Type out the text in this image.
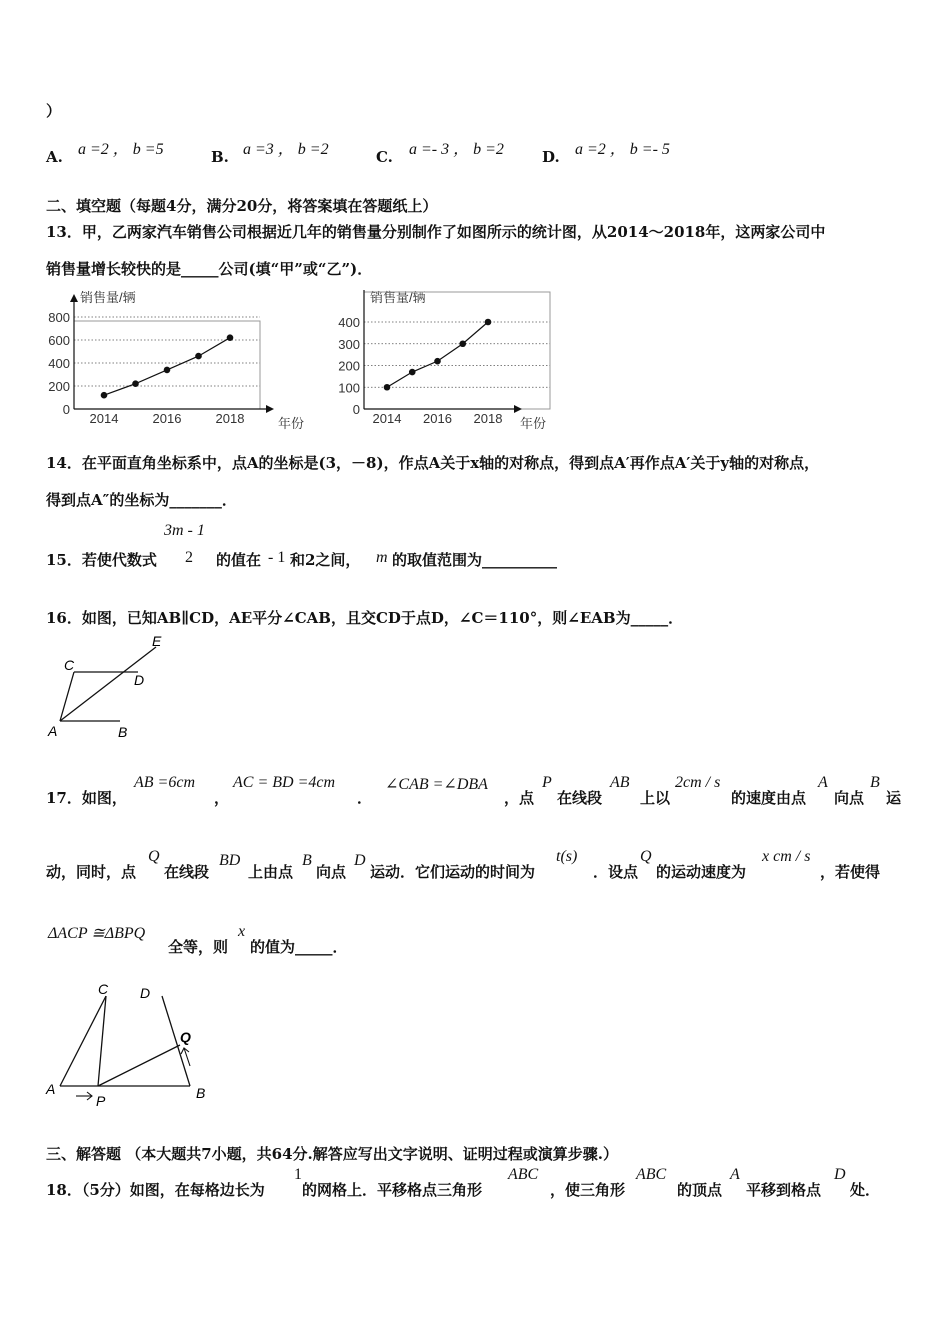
）
A. a =2 ， b =5	B. a =3 ， b =2	C. a =- 3 ， b =2	D. a =2 ， b =- 5
二、填空题（每题4分，满分20分，将答案填在答题纸上）
13．甲，乙两家汽车销售公司根据近几年的销售量分别制作了如图所示的统计图，从2014～2018年，这两家公司中
销售量增长较快的是_____公司(填“甲”或“乙”)．
销售量/辆
0
200
400
600
800
2014	2016	2018	年份
销售量/辆
0
100
200
300
400
2014 2016 2018 年份
14．在平面直角坐标系中，点A的坐标是(3，－8)，作点A关于x轴的对称点，得到点A′再作点A′关于y轴的对称点，
得到点A″的坐标为_______．
15．若使代数式
3m - 1
2 的值在 - 1 和2之间， m 的取值范围为__________
16．如图，已知AB∥CD，AE平分∠CAB，且交CD于点D，∠C＝110°，则∠EAB为_____．
C
E
D
A	B
17．如图，
AB =6cm
，
AC = BD =4cm
．
∠CAB =∠DBA
，点
P
在线段
AB
上以
2cm / s
的速度由点
A
向点
B
运
动，同时，点
Q
在线段
BD
上由点
B
向点
D
运动．它们运动的时间为
t(s)
．设点
Q
的运动速度为
x cm / s
，若使得
ΔACP ≅ΔBPQ
全等，则
x
的值为_____．
C D
Q
A
P	B
三、解答题 （本大题共7小题，共64分.解答应写出文字说明、证明过程或演算步骤.）
18．（5分）如图，在每格边长为
1
的网格上．平移格点三角形
ABC
，使三角形
ABC
的顶点
A
平移到格点
D
处．
